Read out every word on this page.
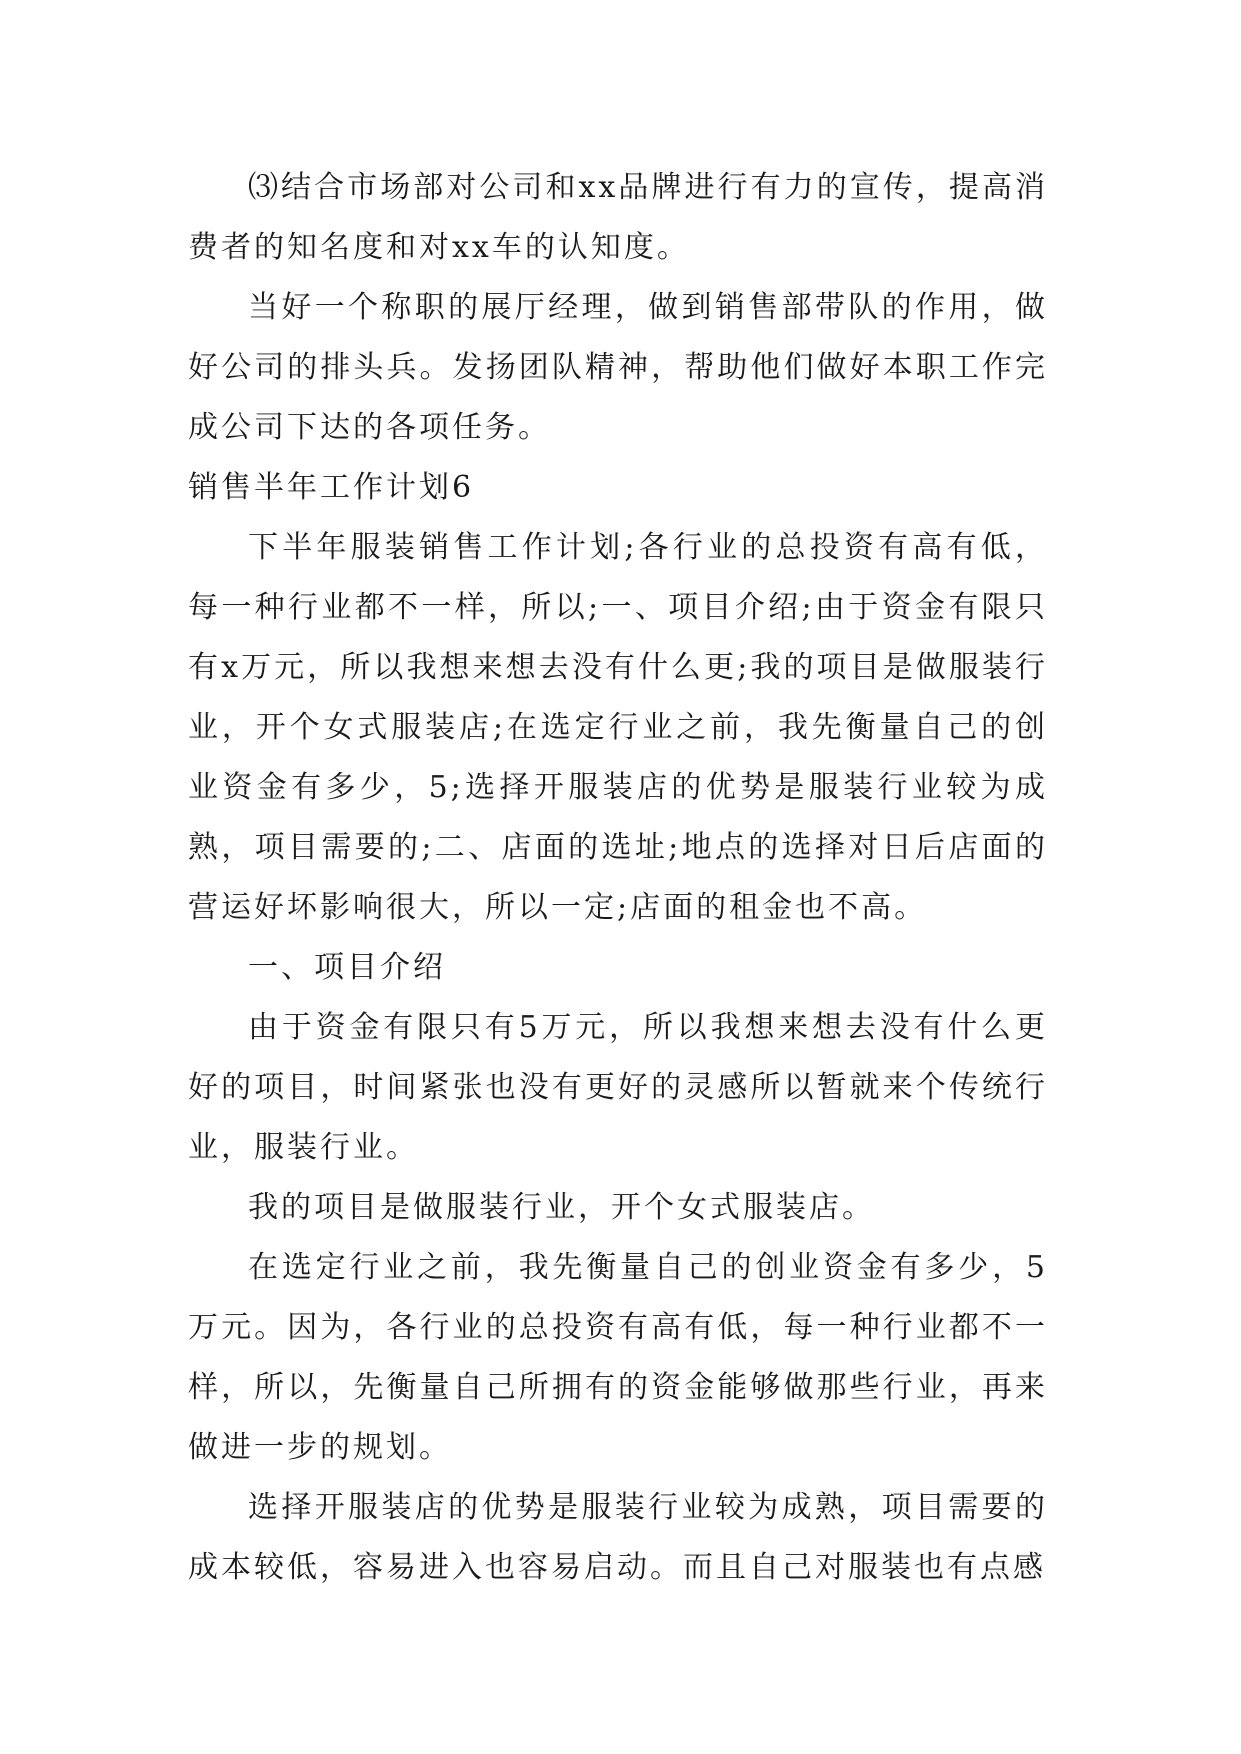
⑶结合市场部对公司和xx品牌进行有力的宣传，提高消费者的知名度和对xx车的认知度。

当好一个称职的展厅经理，做到销售部带队的作用，做好公司的排头兵。发扬团队精神，帮助他们做好本职工作完成公司下达的各项任务。

销售半年工作计划6

下半年服装销售工作计划;各行业的总投资有高有低，每一种行业都不一样，所以;一、项目介绍;由于资金有限只有x万元，所以我想来想去没有什么更;我的项目是做服装行业，开个女式服装店;在选定行业之前，我先衡量自己的创业资金有多少，5;选择开服装店的优势是服装行业较为成熟，项目需要的;二、店面的选址;地点的选择对日后店面的营运好坏影响很大，所以一定;店面的租金也不高。

一、项目介绍

由于资金有限只有5万元，所以我想来想去没有什么更好的项目，时间紧张也没有更好的灵感所以暂就来个传统行业，服装行业。

我的项目是做服装行业，开个女式服装店。

在选定行业之前，我先衡量自己的创业资金有多少，5万元。因为，各行业的总投资有高有低，每一种行业都不一样，所以，先衡量自己所拥有的资金能够做那些行业，再来做进一步的规划。

选择开服装店的优势是服装行业较为成熟，项目需要的成本较低，容易进入也容易启动。而且自己对服装也有点感
